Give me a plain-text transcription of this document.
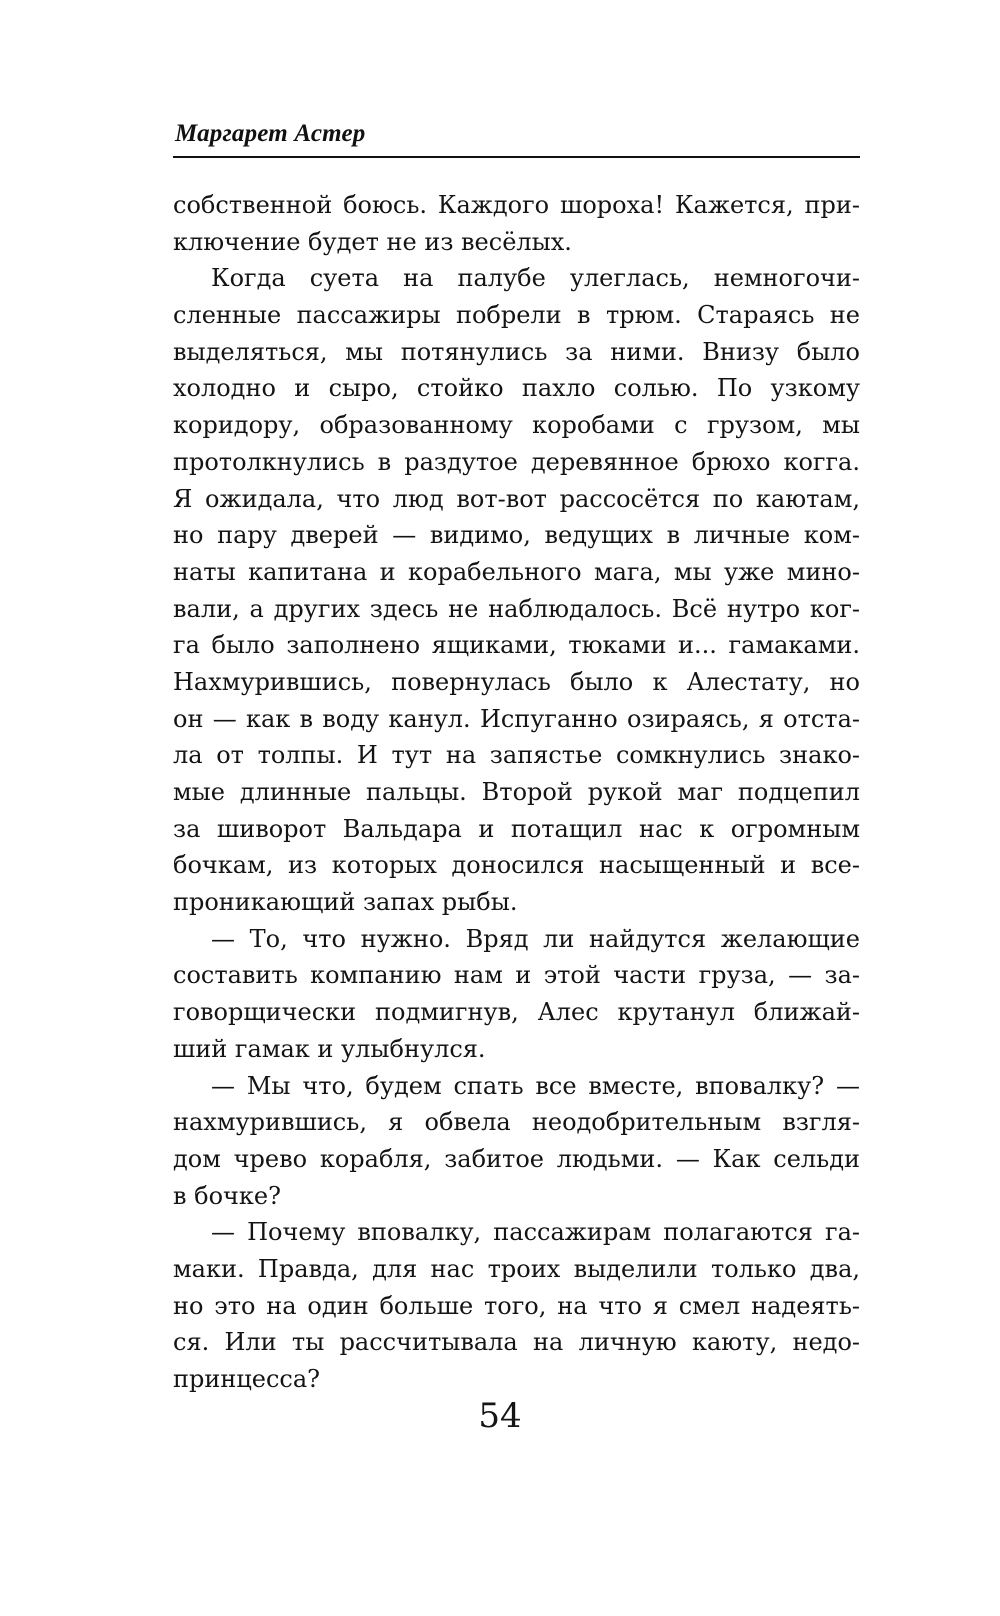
Маргарет Астер
собственной боюсь. Каждого шороха! Кажется, при-
ключение будет не из весёлых.
Когда суета на палубе улеглась, немногочи-
сленные пассажиры побрели в трюм. Стараясь не
выделяться, мы потянулись за ними. Внизу было
холодно и сыро, стойко пахло солью. По узкому
коридору, образованному коробами с грузом, мы
протолкнулись в раздутое деревянное брюхо когга.
Я ожидала, что люд вот-вот рассосётся по каютам,
но пару дверей — видимо, ведущих в личные ком-
наты капитана и корабельного мага, мы уже мино-
вали, а других здесь не наблюдалось. Всё нутро ког-
га было заполнено ящиками, тюками и... гамаками.
Нахмурившись, повернулась было к Алестату, но
он — как в воду канул. Испуганно озираясь, я отста-
ла от толпы. И тут на запястье сомкнулись знако-
мые длинные пальцы. Второй рукой маг подцепил
за шиворот Вальдара и потащил нас к огромным
бочкам, из которых доносился насыщенный и все-
проникающий запах рыбы.
— То, что нужно. Вряд ли найдутся желающие
составить компанию нам и этой части груза, — за-
говорщически подмигнув, Алес крутанул ближай-
ший гамак и улыбнулся.
— Мы что, будем спать все вместе, вповалку? —
нахмурившись, я обвела неодобрительным взгля-
дом чрево корабля, забитое людьми. — Как сельди
в бочке?
— Почему вповалку, пассажирам полагаются га-
маки. Правда, для нас троих выделили только два,
но это на один больше того, на что я смел надеять-
ся. Или ты рассчитывала на личную каюту, недо-
принцесса?
54
